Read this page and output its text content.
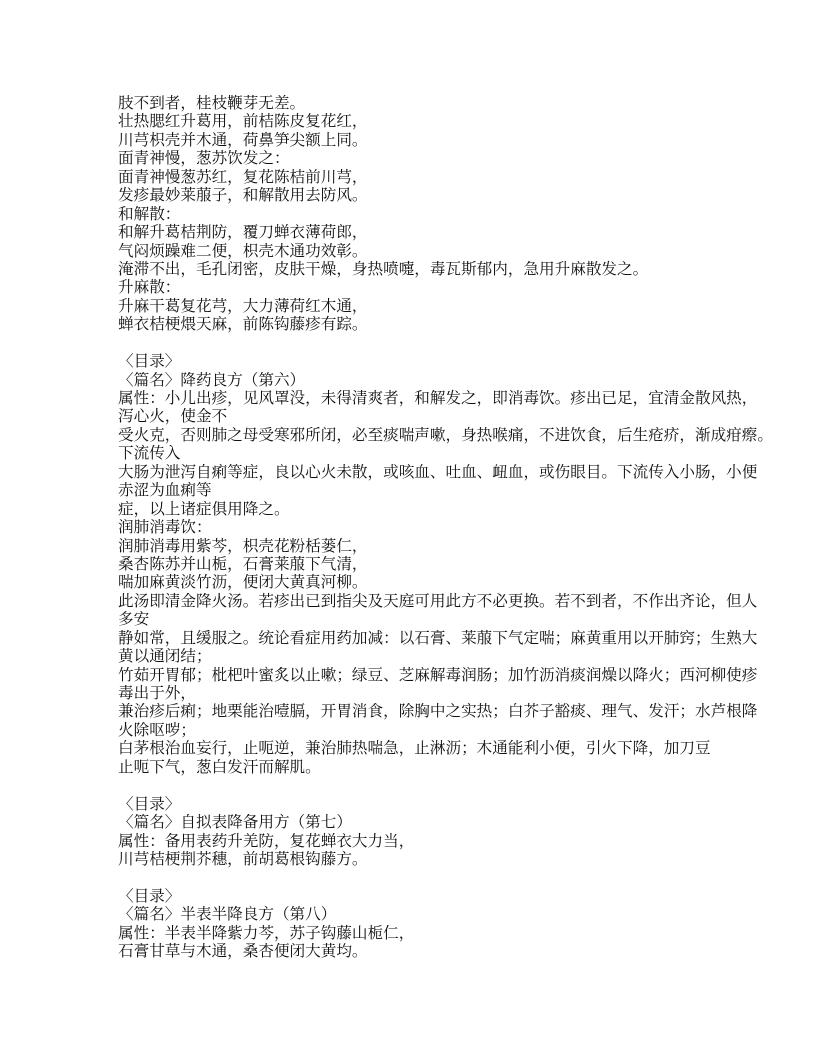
肢不到者，桂枝鞭芽无差。
壮热腮红升葛用，前桔陈皮复花红，
川芎枳壳并木通，荷鼻笋尖额上同。
面青神慢，葱苏饮发之：
面青神慢葱苏红，复花陈桔前川芎，
发疹最妙莱菔子，和解散用去防风。
和解散：
和解升葛桔荆防，覆刀蝉衣薄荷郎，
气闷烦躁难二便，枳壳木通功效彰。
淹滞不出，毛孔闭密，皮肤干燥，身热喷嚏，毒瓦斯郁内，急用升麻散发之。
升麻散：
升麻干葛复花芎，大力薄荷红木通，
蝉衣桔梗煨天麻，前陈钩藤疹有踪。
〈目录〉
〈篇名〉降药良方（第六）
属性：小儿出疹，见风罩没，未得清爽者，和解发之，即消毒饮。疹出已足，宜清金散风热，
泻心火，使金不
受火克，否则肺之母受寒邪所闭，必至痰喘声嗽，身热喉痛，不进饮食，后生疮疥，渐成疳瘵。
下流传入
大肠为泄泻自痢等症，良以心火未散，或咳血、吐血、衄血，或伤眼目。下流传入小肠，小便
赤涩为血痢等
症，以上诸症俱用降之。
润肺消毒饮：
润肺消毒用紫芩，枳壳花粉栝蒌仁，
桑杏陈苏并山栀，石膏莱菔下气清，
喘加麻黄淡竹沥，便闭大黄真河柳。
此汤即清金降火汤。若疹出已到指尖及天庭可用此方不必更换。若不到者，不作出齐论，但人
多安
静如常，且缓服之。统论看症用药加减：以石膏、莱菔下气定喘；麻黄重用以开肺窍；生熟大
黄以通闭结；
竹茹开胃郁；枇杷叶蜜炙以止嗽；绿豆、芝麻解毒润肠；加竹沥消痰润燥以降火；西河柳使疹
毒出于外，
兼治疹后痢；地栗能治噎膈，开胃消食，除胸中之实热；白芥子豁痰、理气、发汗；水芦根降
火除呕哕；
白茅根治血妄行，止呃逆，兼治肺热喘急，止淋沥；木通能利小便，引火下降，加刀豆
止呃下气，葱白发汗而解肌。
〈目录〉
〈篇名〉自拟表降备用方（第七）
属性：备用表药升羌防，复花蝉衣大力当，
川芎桔梗荆芥穗，前胡葛根钩藤方。
〈目录〉
〈篇名〉半表半降良方（第八）
属性：半表半降紫力芩，苏子钩藤山栀仁，
石膏甘草与木通，桑杏便闭大黄均。
